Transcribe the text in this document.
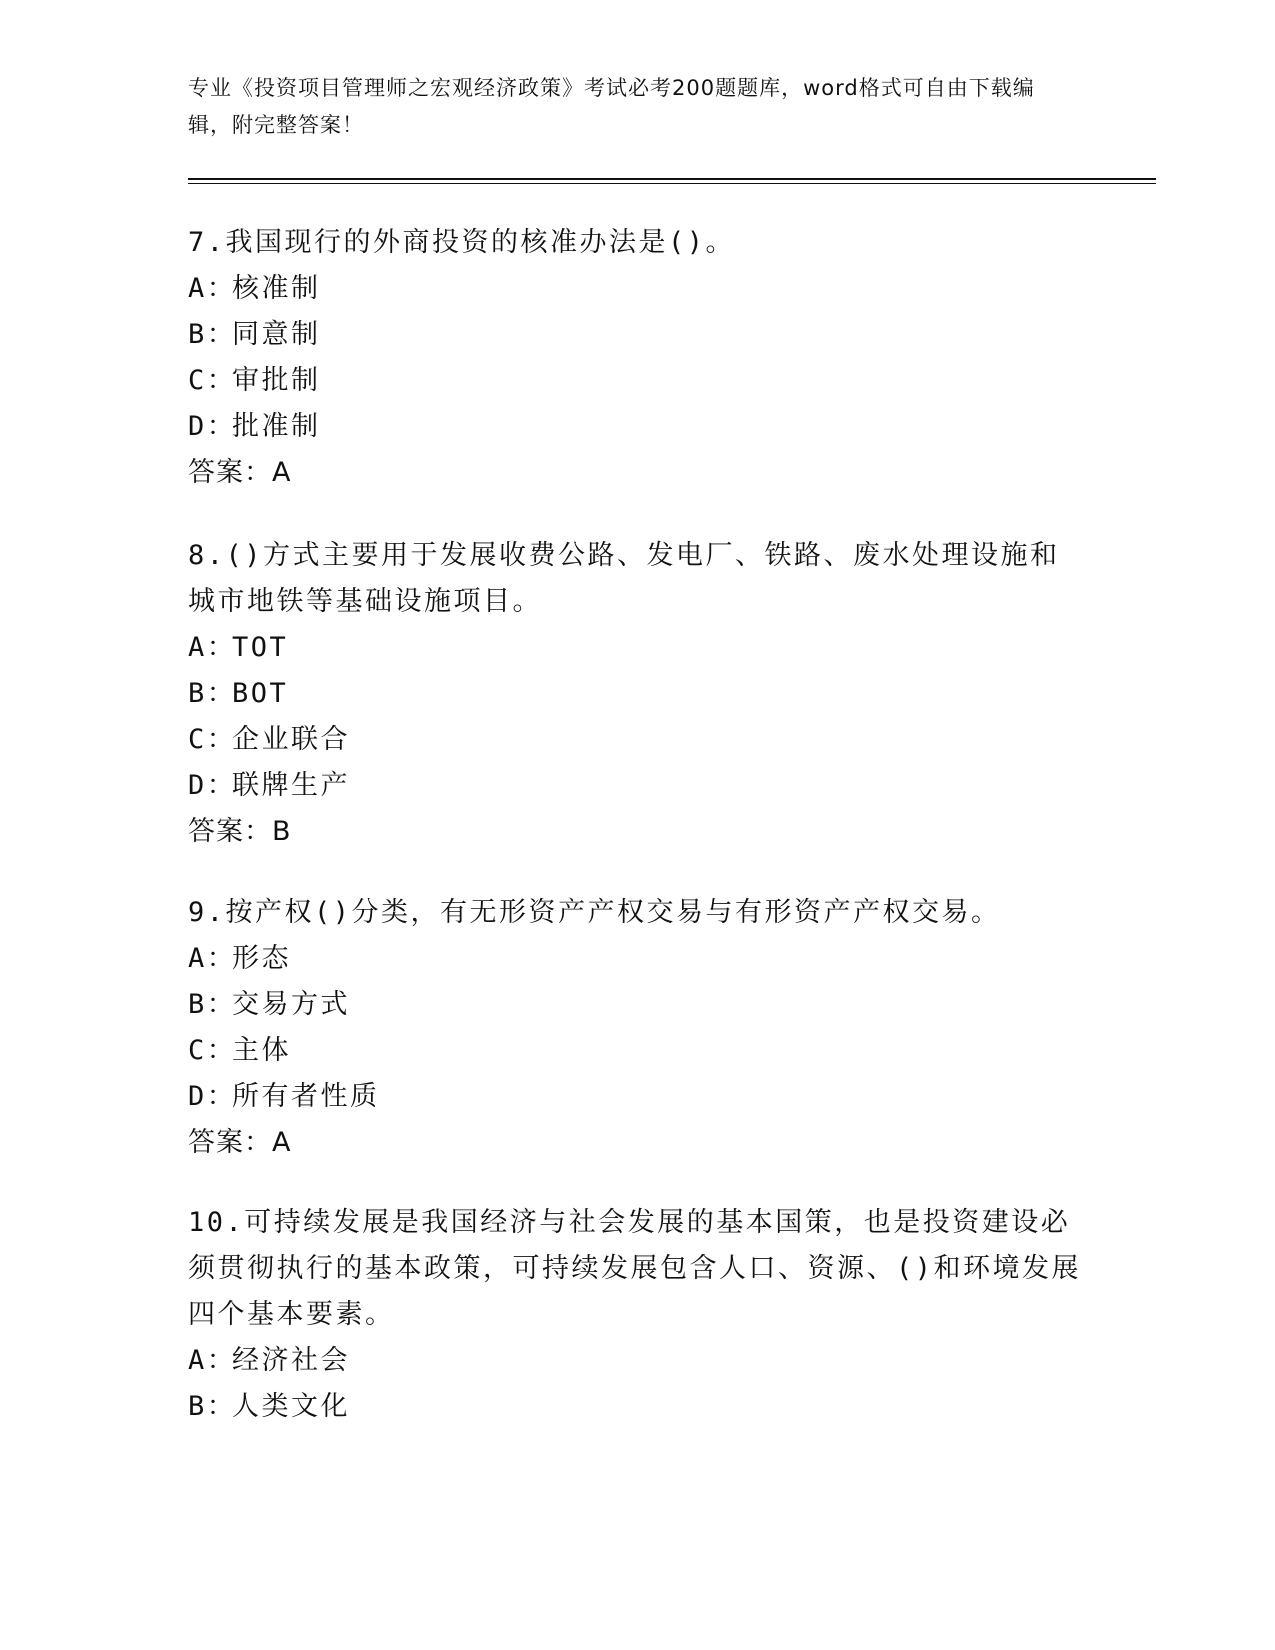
专业《投资项目管理师之宏观经济政策》考试必考200题题库，word格式可自由下载编辑，附完整答案！
7.我国现行的外商投资的核准办法是()。
A：核准制
B：同意制
C：审批制
D：批准制
答案：A
8.()方式主要用于发展收费公路、发电厂、铁路、废水处理设施和城市地铁等基础设施项目。
A：TOT
B：BOT
C：企业联合
D：联牌生产
答案：B
9.按产权()分类，有无形资产产权交易与有形资产产权交易。
A：形态
B：交易方式
C：主体
D：所有者性质
答案：A
10.可持续发展是我国经济与社会发展的基本国策，也是投资建设必须贯彻执行的基本政策，可持续发展包含人口、资源、()和环境发展四个基本要素。
A：经济社会
B：人类文化
